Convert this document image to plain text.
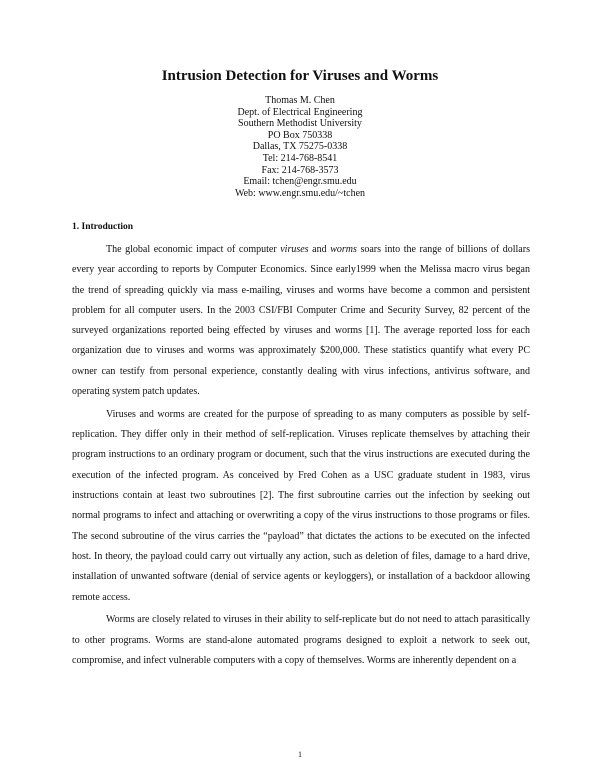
Intrusion Detection for Viruses and Worms
Thomas M. Chen
Dept. of Electrical Engineering
Southern Methodist University
PO Box 750338
Dallas, TX 75275-0338
Tel: 214-768-8541
Fax: 214-768-3573
Email: tchen@engr.smu.edu
Web: www.engr.smu.edu/~tchen
1. Introduction

The global economic impact of computer viruses and worms soars into the range of billions of dollars every year according to reports by Computer Economics. Since early1999 when the Melissa macro virus began the trend of spreading quickly via mass e-mailing, viruses and worms have become a common and persistent problem for all computer users. In the 2003 CSI/FBI Computer Crime and Security Survey, 82 percent of the surveyed organizations reported being effected by viruses and worms [1]. The average reported loss for each organization due to viruses and worms was approximately $200,000. These statistics quantify what every PC owner can testify from personal experience, constantly dealing with virus infections, antivirus software, and operating system patch updates.

Viruses and worms are created for the purpose of spreading to as many computers as possible by self-replication. They differ only in their method of self-replication. Viruses replicate themselves by attaching their program instructions to an ordinary program or document, such that the virus instructions are executed during the execution of the infected program. As conceived by Fred Cohen as a USC graduate student in 1983, virus instructions contain at least two subroutines [2]. The first subroutine carries out the infection by seeking out normal programs to infect and attaching or overwriting a copy of the virus instructions to those programs or files. The second subroutine of the virus carries the “payload” that dictates the actions to be executed on the infected host. In theory, the payload could carry out virtually any action, such as deletion of files, damage to a hard drive, installation of unwanted software (denial of service agents or keyloggers), or installation of a backdoor allowing remote access.

Worms are closely related to viruses in their ability to self-replicate but do not need to attach parasitically to other programs. Worms are stand-alone automated programs designed to exploit a network to seek out, compromise, and infect vulnerable computers with a copy of themselves. Worms are inherently dependent on a

1
